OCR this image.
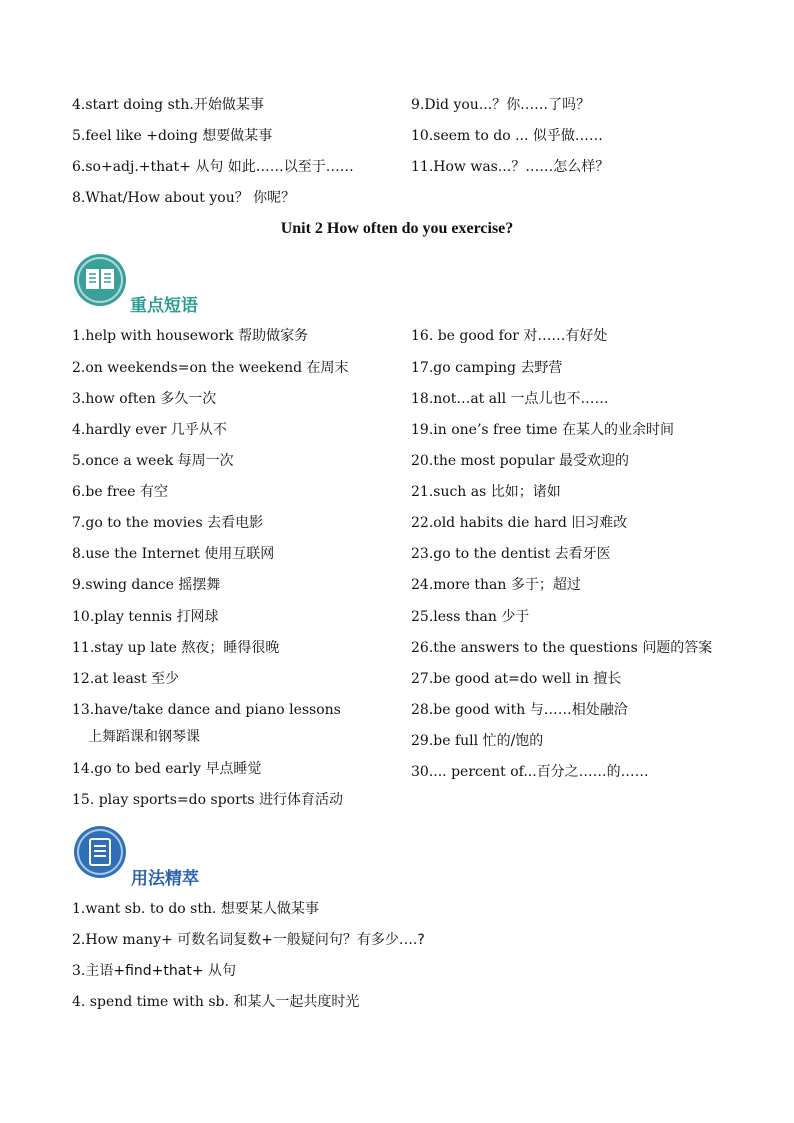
4.start doing sth.开始做某事
5.feel like +doing 想要做某事
6.so+adj.+that+ 从句 如此……以至于……
8.What/How about you？ 你呢？
9.Did you...？你……了吗？
10.seem to do ... 似乎做……
11.How was...？……怎么样？
Unit 2 How often do you exercise?
重点短语
1.help with housework 帮助做家务
2.on weekends=on the weekend 在周末
3.how often 多久一次
4.hardly ever 几乎从不
5.once a week 每周一次
6.be free 有空
7.go to the movies 去看电影
8.use the Internet 使用互联网
9.swing dance 摇摆舞
10.play tennis 打网球
11.stay up late 熬夜；睡得很晚
12.at least 至少
13.have/take dance and piano lessons
上舞蹈课和钢琴课
14.go to bed early 早点睡觉
15. play sports=do sports 进行体育活动
16. be good for 对……有好处
17.go camping 去野营
18.not…at all 一点儿也不……
19.in one’s free time 在某人的业余时间
20.the most popular 最受欢迎的
21.such as 比如；诸如
22.old habits die hard 旧习难改
23.go to the dentist 去看牙医
24.more than 多于；超过
25.less than 少于
26.the answers to the questions 问题的答案
27.be good at=do well in 擅长
28.be good with 与……相处融洽
29.be full 忙的/饱的
30.... percent of...百分之……的……
用法精萃
1.want sb. to do sth. 想要某人做某事
2.How many+ 可数名词复数+一般疑问句？有多少….?
3.主语+find+that+ 从句
4. spend time with sb. 和某人一起共度时光
